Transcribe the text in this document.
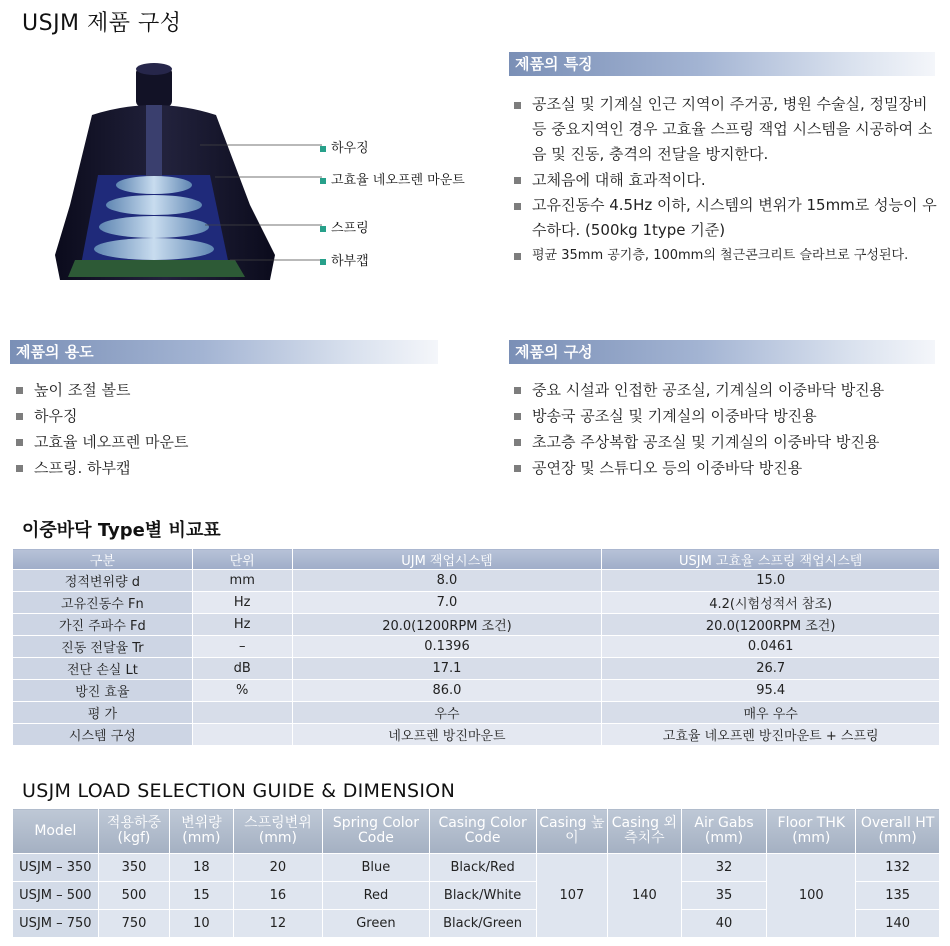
USJM 제품 구성
하우징
고효율 네오프렌 마운트
스프링
하부캡
제품의 특징
공조실 및 기계실 인근 지역이 주거공, 병원 수술실, 정밀장비 등 중요지역인 경우 고효율 스프링 잭업 시스템을 시공하여 소음 및 진동, 충격의 전달을 방지한다.
고체음에 대해 효과적이다.
고유진동수 4.5Hz 이하, 시스템의 변위가 15mm로 성능이 우수하다. (500kg 1type 기준)
평균 35mm 공기층, 100mm의 철근콘크리트 슬라브로 구성된다.
제품의 용도
높이 조절 볼트
하우징
고효율 네오프렌 마운트
스프링. 하부캡
제품의 구성
중요 시설과 인접한 공조실, 기계실의 이중바닥 방진용
방송국 공조실 및 기계실의 이중바닥 방진용
초고층 주상복합 공조실 및 기계실의 이중바닥 방진용
공연장 및 스튜디오 등의 이중바닥 방진용
이중바닥 Type별 비교표
구분	단위	UJM 잭업시스템	USJM 고효율 스프링 잭업시스템
정적변위량 d	mm	8.0	15.0
고유진동수 Fn	Hz	7.0	4.2(시험성적서 참조)
가진 주파수 Fd	Hz	20.0(1200RPM 조건)	20.0(1200RPM 조건)
진동 전달율 Tr	–	0.1396	0.0461
전단 손실 Lt	dB	17.1	26.7
방진 효율	%	86.0	95.4
평 가		우수	매우 우수
시스템 구성		네오프렌 방진마운트	고효율 네오프렌 방진마운트 + 스프링
USJM LOAD SELECTION GUIDE & DIMENSION
Model	적용하중 (kgf)	변위량 (mm)	스프링변위 (mm)	Spring Color Code	Casing Color Code	Casing 높이	Casing 외측치수	Air Gabs (mm)	Floor THK (mm)	Overall HT (mm)
USJM – 350	350	18	20	Blue	Black/Red	107	140	32	100	132
USJM – 500	500	15	16	Red	Black/White			35		135
USJM – 750	750	10	12	Green	Black/Green			40		140
